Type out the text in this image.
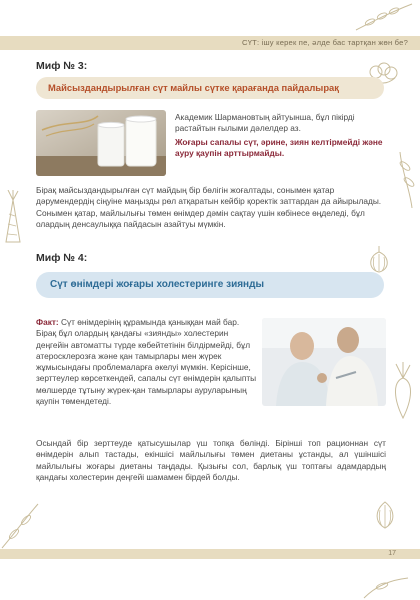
СҮТ: ішу керек пе, әлде бас тартқан жөн бе?
Миф № 3:
Майсыздандырылған сүт майлы сүтке қарағанда пайдалырақ
Академик Шармановтың айтуынша, бұл пікірді растайтын ғылыми дәлелдер аз.
Жоғары сапалы сүт, әрине, зиян келтірмейді және ауру қаупін арттырмайды.
Бірақ майсыздандырылған сүт майдың бір бөлігін жоғалтады, сонымен қатар дәрумендердің сіңуіне маңызды рөл атқаратын кейбір қоректік заттардан да айырылады. Сонымен қатар, майлылығы төмен өнімдер дәмін сақтау үшін көбінесе өңделеді, бұл олардың денсаулыққа пайдасын азайтуы мүмкін.
Миф № 4:
Сүт өнімдері жоғары холестеринге зиянды
Факт: Сүт өнімдерінің құрамында қаныққан май бар. Бірақ бұл олардың қандағы «зиянды» холестерин деңгейін автоматты түрде көбейтетінін білдірмейді, бұл атеросклерозға және қан тамырлары мен жүрек жұмысындағы проблемаларға әкелуі мүмкін. Керісінше, зерттеулер көрсеткендей, сапалы сүт өнімдерін қалыпты мөлшерде тұтыну жүрек-қан тамырлары ауруларының қаупін төмендетеді.
Осындай бір зерттеуде қатысушылар үш топқа бөлінді. Бірінші топ рационнан сүт өнімдерін алып тастады, екіншісі майлылығы төмен диетаны ұстанды, ал үшіншісі майлылығы жоғары диетаны таңдады. Қызығы сол, барлық үш топтағы адамдардың қандағы холестерин деңгейі шамамен бірдей болды.
17
